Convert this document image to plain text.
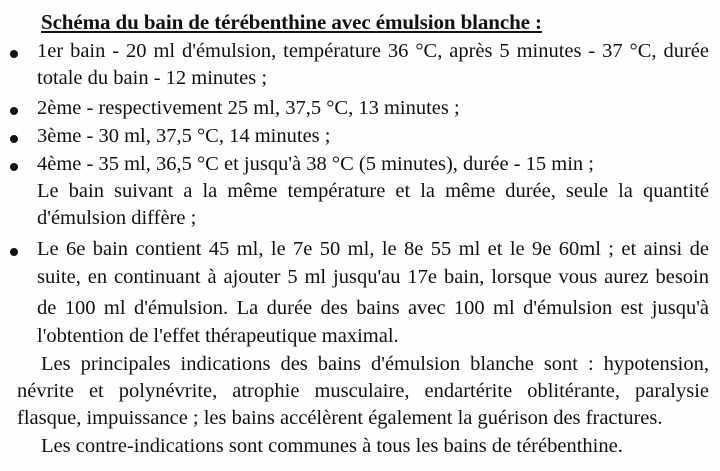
Schéma du bain de térébenthine avec émulsion blanche :
1er bain - 20 ml d'émulsion, température 36 °C, après 5 minutes - 37 °C, durée
totale du bain - 12 minutes ;
2ème - respectivement 25 ml, 37,5 °C, 13 minutes ;
3ème - 30 ml, 37,5 °C, 14 minutes ;
4ème - 35 ml, 36,5 °C et jusqu'à 38 °C (5 minutes), durée - 15 min ;
Le bain suivant a la même température et la même durée, seule la quantité
d'émulsion diffère ;
Le 6e bain contient 45 ml, le 7e 50 ml, le 8e 55 ml et le 9e 60ml ; et ainsi de
suite, en continuant à ajouter 5 ml jusqu'au 17e bain, lorsque vous aurez besoin
de 100 ml d'émulsion. La durée des bains avec 100 ml d'émulsion est jusqu'à
l'obtention de l'effet thérapeutique maximal.
Les principales indications des bains d'émulsion blanche sont : hypotension,
névrite et polynévrite, atrophie musculaire, endartérite oblitérante, paralysie
flasque, impuissance ; les bains accélèrent également la guérison des fractures.
Les contre-indications sont communes à tous les bains de térébenthine.
